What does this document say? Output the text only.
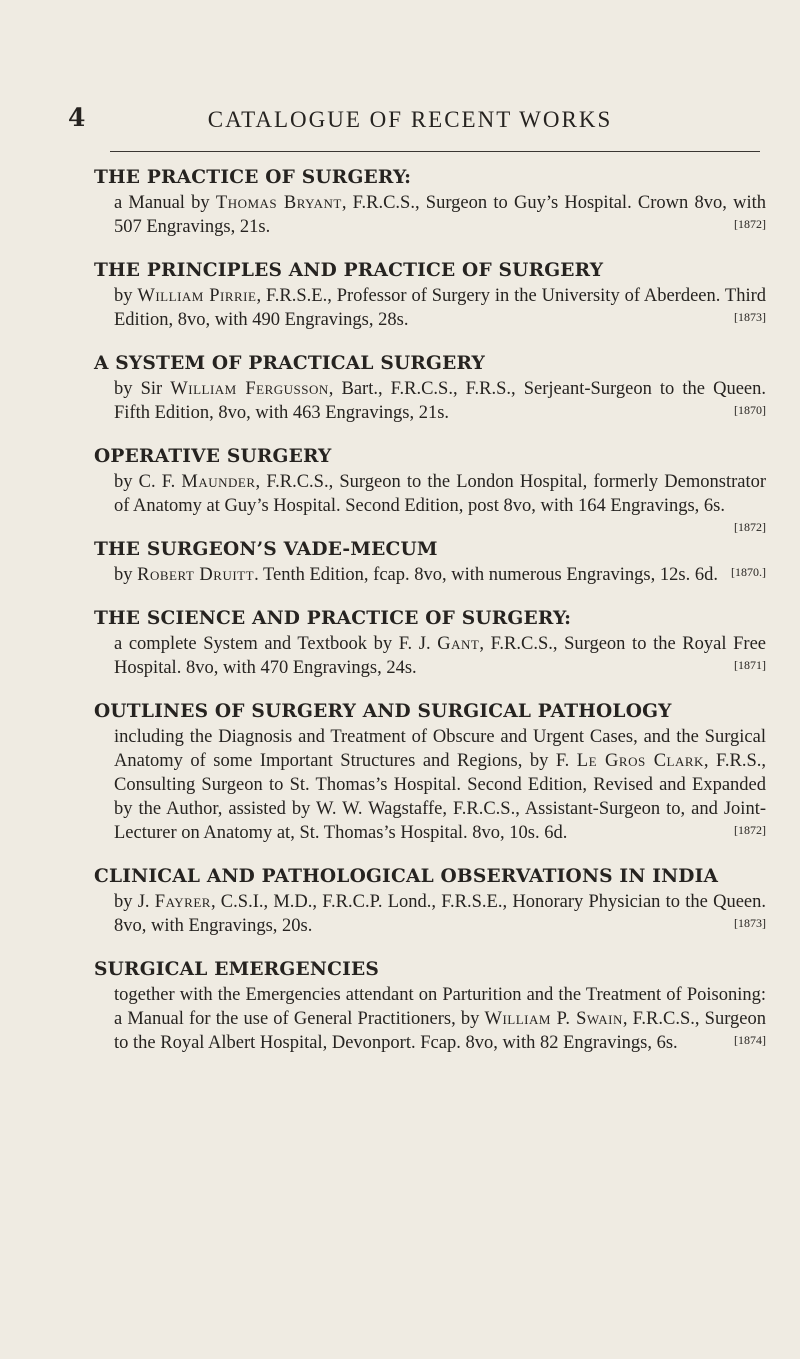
4	CATALOGUE OF RECENT WORKS
THE PRACTICE OF SURGERY:
a Manual by Thomas Bryant, F.R.C.S., Surgeon to Guy’s Hospital. Crown 8vo, with 507 Engravings, 21s.	[1872]
THE PRINCIPLES AND PRACTICE OF SURGERY
by William Pirrie, F.R.S.E., Professor of Surgery in the University of Aberdeen. Third Edition, 8vo, with 490 Engravings, 28s.	[1873]
A SYSTEM OF PRACTICAL SURGERY
by Sir William Fergusson, Bart., F.R.C.S., F.R.S., Serjeant-Surgeon to the Queen. Fifth Edition, 8vo, with 463 Engravings, 21s.	[1870]
OPERATIVE SURGERY
by C. F. Maunder, F.R.C.S., Surgeon to the London Hospital, formerly Demonstrator of Anatomy at Guy’s Hospital. Second Edition, post 8vo, with 164 Engravings, 6s.
[1872]
THE SURGEON’S VADE-MECUM
by Robert Druitt. Tenth Edition, fcap. 8vo, with numerous Engravings, 12s. 6d. [1870.]
THE SCIENCE AND PRACTICE OF SURGERY:
a complete System and Textbook by F. J. Gant, F.R.C.S., Surgeon to the Royal Free Hospital. 8vo, with 470 Engravings, 24s.	[1871]
OUTLINES OF SURGERY AND SURGICAL PATHOLOGY
including the Diagnosis and Treatment of Obscure and Urgent Cases, and the Surgical Anatomy of some Important Structures and Regions, by F. Le Gros Clark, F.R.S., Consulting Surgeon to St. Thomas’s Hospital. Second Edition, Revised and Expanded by the Author, assisted by W. W. Wagstaffe, F.R.C.S., Assistant-Surgeon to, and Joint-Lecturer on Anatomy at, St. Thomas’s Hospital. 8vo, 10s. 6d.	[1872]
CLINICAL AND PATHOLOGICAL OBSERVATIONS IN INDIA
by J. Fayrer, C.S.I., M.D., F.R.C.P. Lond., F.R.S.E., Honorary Physician to the Queen. 8vo, with Engravings, 20s.	[1873]
SURGICAL EMERGENCIES
together with the Emergencies attendant on Parturition and the Treatment of Poisoning: a Manual for the use of General Practitioners, by William P. Swain, F.R.C.S., Surgeon to the Royal Albert Hospital, Devonport. Fcap. 8vo, with 82 Engravings, 6s.	[1874]
